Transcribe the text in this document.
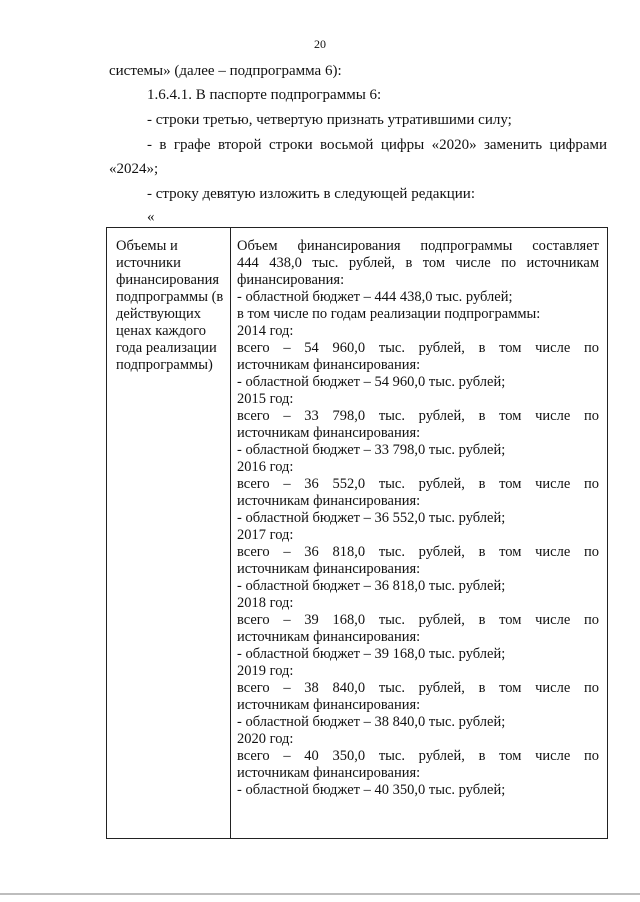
20
системы» (далее – подпрограмма 6):
1.6.4.1. В паспорте подпрограммы 6:
- строки третью, четвертую признать утратившими силу;
- в графе второй строки восьмой цифры «2020» заменить цифрами
«2024»;
- строку девятую изложить в следующей редакции:
«
Объемы и
источники
финансирования
подпрограммы (в
действующих
ценах каждого
года реализации
подпрограммы)
Объем финансирования подпрограммы составляет
444 438,0 тыс. рублей, в том числе по источникам
финансирования:
- областной бюджет – 444 438,0 тыс. рублей;
в том числе по годам реализации подпрограммы:
2014 год:
всего – 54 960,0 тыс. рублей, в том числе по
источникам финансирования:
- областной бюджет – 54 960,0 тыс. рублей;
2015 год:
всего – 33 798,0 тыс. рублей, в том числе по
источникам финансирования:
- областной бюджет – 33 798,0 тыс. рублей;
2016 год:
всего – 36 552,0 тыс. рублей, в том числе по
источникам финансирования:
- областной бюджет – 36 552,0 тыс. рублей;
2017 год:
всего – 36 818,0 тыс. рублей, в том числе по
источникам финансирования:
- областной бюджет – 36 818,0 тыс. рублей;
2018 год:
всего – 39 168,0 тыс. рублей, в том числе по
источникам финансирования:
- областной бюджет – 39 168,0 тыс. рублей;
2019 год:
всего – 38 840,0 тыс. рублей, в том числе по
источникам финансирования:
- областной бюджет – 38 840,0 тыс. рублей;
2020 год:
всего – 40 350,0 тыс. рублей, в том числе по
источникам финансирования:
- областной бюджет – 40 350,0 тыс. рублей;
